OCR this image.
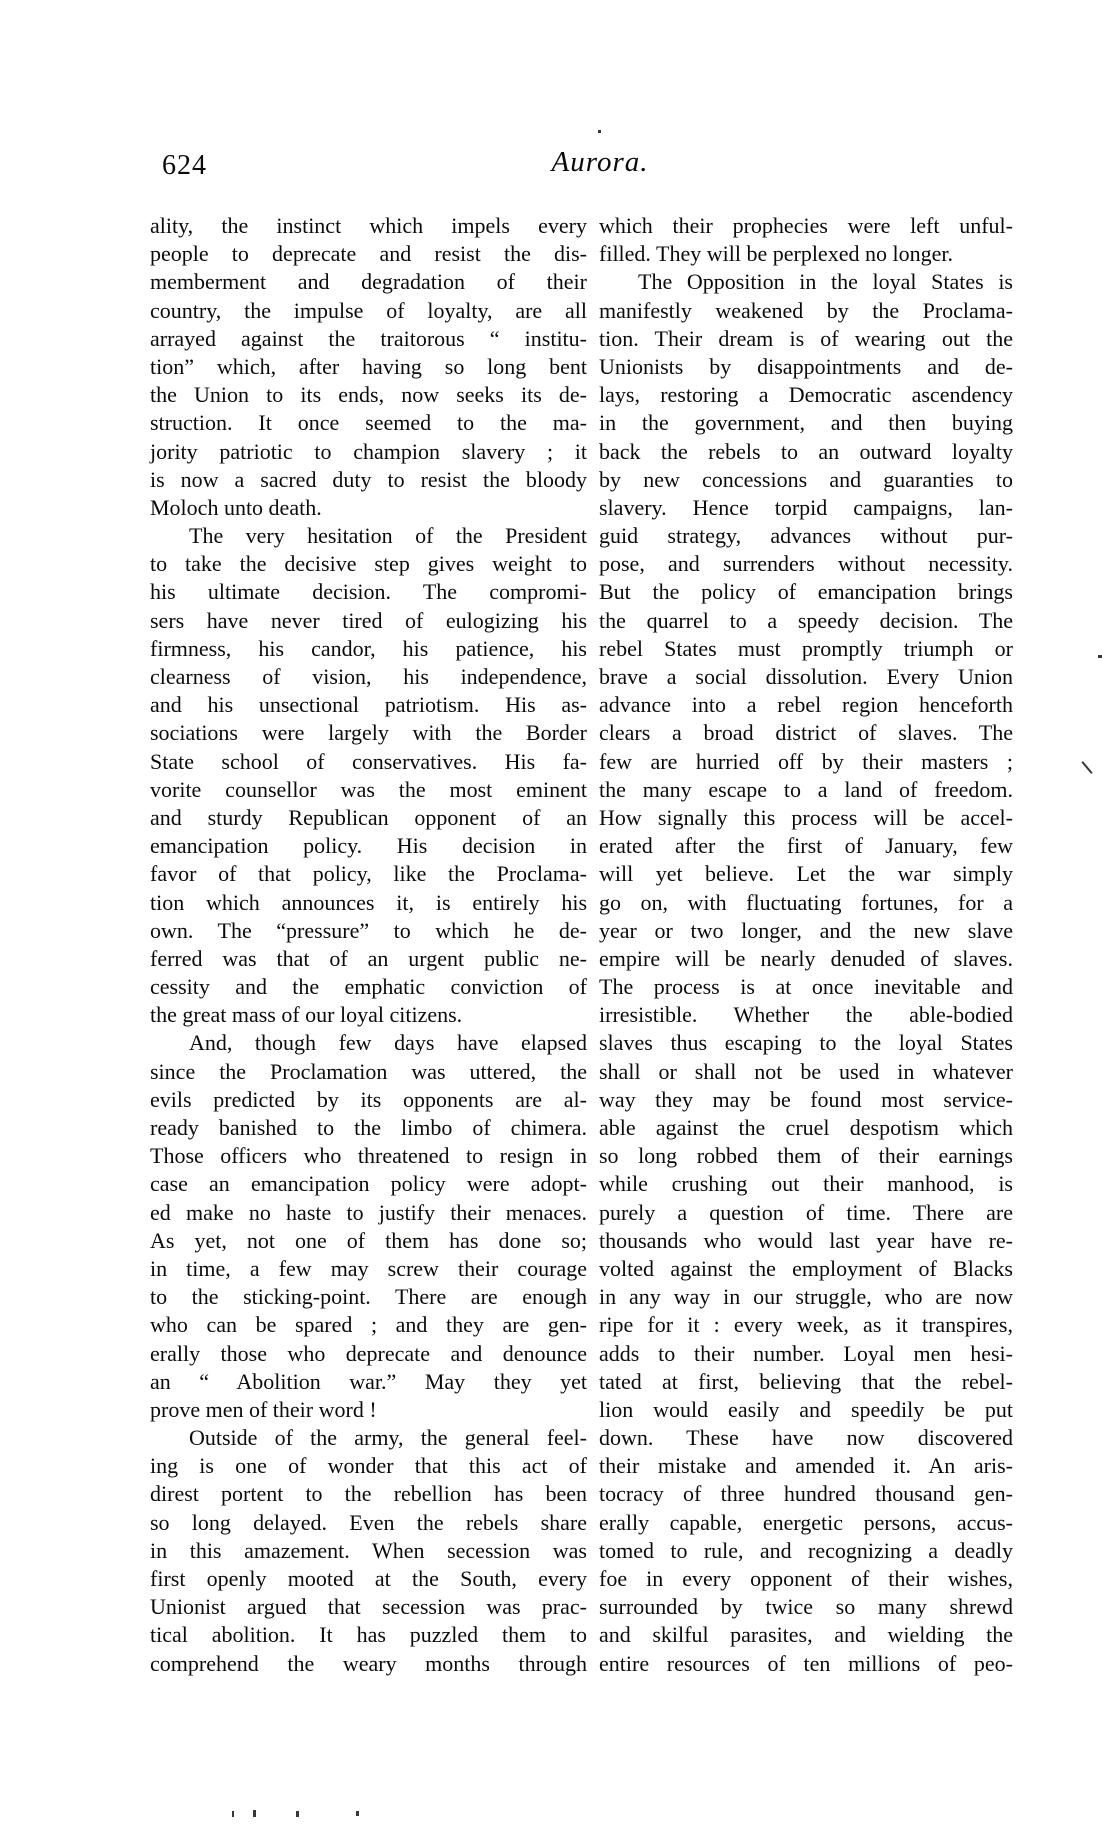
624	Aurora.
ality, the instinct which impels every
people to deprecate and resist the dis-
memberment and degradation of their
country, the impulse of loyalty, are all
arrayed against the traitorous “ institu-
tion” which, after having so long bent
the Union to its ends, now seeks its de-
struction. It once seemed to the ma-
jority patriotic to champion slavery ; it
is now a sacred duty to resist the bloody
Moloch unto death.
The very hesitation of the President
to take the decisive step gives weight to
his ultimate decision. The compromi-
sers have never tired of eulogizing his
firmness, his candor, his patience, his
clearness of vision, his independence,
and his unsectional patriotism. His as-
sociations were largely with the Border
State school of conservatives. His fa-
vorite counsellor was the most eminent
and sturdy Republican opponent of an
emancipation policy. His decision in
favor of that policy, like the Proclama-
tion which announces it, is entirely his
own. The “pressure” to which he de-
ferred was that of an urgent public ne-
cessity and the emphatic conviction of
the great mass of our loyal citizens.
And, though few days have elapsed
since the Proclamation was uttered, the
evils predicted by its opponents are al-
ready banished to the limbo of chimera.
Those officers who threatened to resign in
case an emancipation policy were adopt-
ed make no haste to justify their menaces.
As yet, not one of them has done so;
in time, a few may screw their courage
to the sticking-point. There are enough
who can be spared ; and they are gen-
erally those who deprecate and denounce
an “ Abolition war.” May they yet
prove men of their word !
Outside of the army, the general feel-
ing is one of wonder that this act of
direst portent to the rebellion has been
so long delayed. Even the rebels share
in this amazement. When secession was
first openly mooted at the South, every
Unionist argued that secession was prac-
tical abolition. It has puzzled them to
comprehend the weary months through
which their prophecies were left unful-
filled. They will be perplexed no longer.
The Opposition in the loyal States is
manifestly weakened by the Proclama-
tion. Their dream is of wearing out the
Unionists by disappointments and de-
lays, restoring a Democratic ascendency
in the government, and then buying
back the rebels to an outward loyalty
by new concessions and guaranties to
slavery. Hence torpid campaigns, lan-
guid strategy, advances without pur-
pose, and surrenders without necessity.
But the policy of emancipation brings
the quarrel to a speedy decision. The
rebel States must promptly triumph or
brave a social dissolution. Every Union
advance into a rebel region henceforth
clears a broad district of slaves. The
few are hurried off by their masters ;
the many escape to a land of freedom.
How signally this process will be accel-
erated after the first of January, few
will yet believe. Let the war simply
go on, with fluctuating fortunes, for a
year or two longer, and the new slave
empire will be nearly denuded of slaves.
The process is at once inevitable and
irresistible. Whether the able-bodied
slaves thus escaping to the loyal States
shall or shall not be used in whatever
way they may be found most service-
able against the cruel despotism which
so long robbed them of their earnings
while crushing out their manhood, is
purely a question of time. There are
thousands who would last year have re-
volted against the employment of Blacks
in any way in our struggle, who are now
ripe for it : every week, as it transpires,
adds to their number. Loyal men hesi-
tated at first, believing that the rebel-
lion would easily and speedily be put
down. These have now discovered
their mistake and amended it. An aris-
tocracy of three hundred thousand gen-
erally capable, energetic persons, accus-
tomed to rule, and recognizing a deadly
foe in every opponent of their wishes,
surrounded by twice so many shrewd
and skilful parasites, and wielding the
entire resources of ten millions of peo-
